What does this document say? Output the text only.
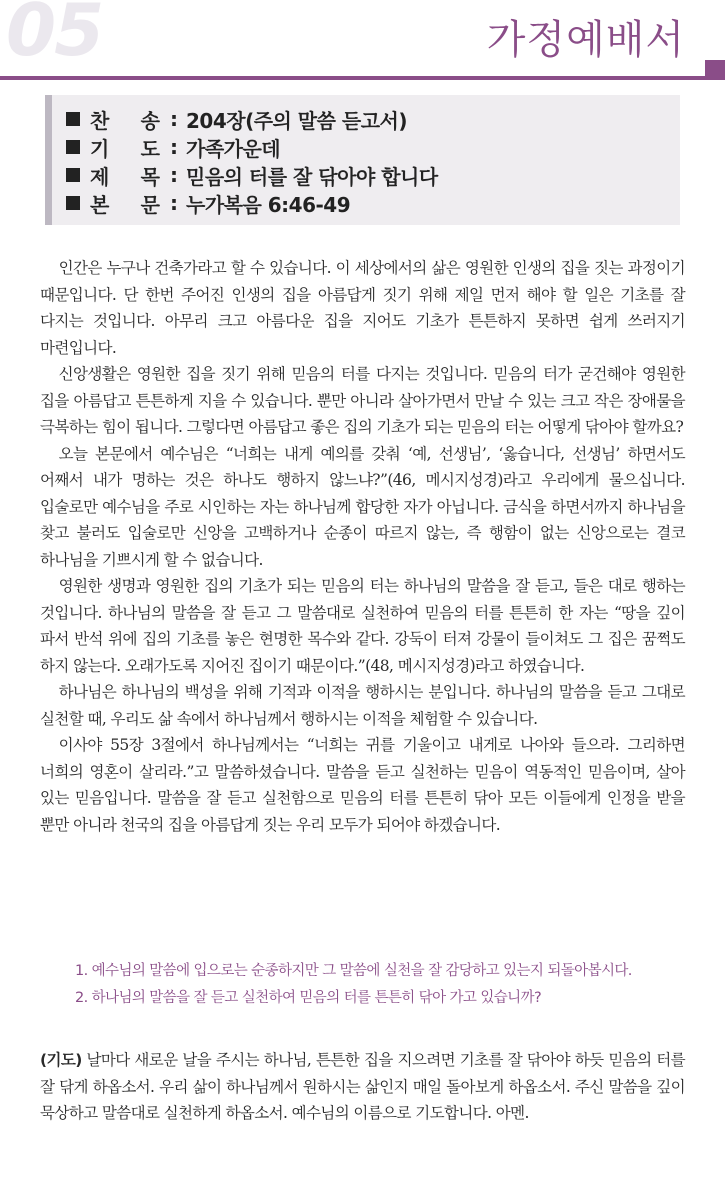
05	가정예배서
찬 송 : 204장(주의 말씀 듣고서)
기 도 : 가족가운데
제 목 : 믿음의 터를 잘 닦아야 합니다
본 문 : 누가복음 6:46-49

인간은 누구나 건축가라고 할 수 있습니다. 이 세상에서의 삶은 영원한 인생의 집을 짓는 과정이기 때문입니다. 단 한번 주어진 인생의 집을 아름답게 짓기 위해 제일 먼저 해야 할 일은 기초를 잘 다지는 것입니다. 아무리 크고 아름다운 집을 지어도 기초가 튼튼하지 못하면 쉽게 쓰러지기 마련입니다.

신앙생활은 영원한 집을 짓기 위해 믿음의 터를 다지는 것입니다. 믿음의 터가 굳건해야 영원한 집을 아름답고 튼튼하게 지을 수 있습니다. 뿐만 아니라 살아가면서 만날 수 있는 크고 작은 장애물을 극복하는 힘이 됩니다. 그렇다면 아름답고 좋은 집의 기초가 되는 믿음의 터는 어떻게 닦아야 할까요?

오늘 본문에서 예수님은 “너희는 내게 예의를 갖춰 ‘예, 선생님’, ‘옳습니다, 선생님’ 하면서도 어째서 내가 명하는 것은 하나도 행하지 않느냐?”(46, 메시지성경)라고 우리에게 물으십니다. 입술로만 예수님을 주로 시인하는 자는 하나님께 합당한 자가 아닙니다. 금식을 하면서까지 하나님을 찾고 불러도 입술로만 신앙을 고백하거나 순종이 따르지 않는, 즉 행함이 없는 신앙으로는 결코 하나님을 기쁘시게 할 수 없습니다.

영원한 생명과 영원한 집의 기초가 되는 믿음의 터는 하나님의 말씀을 잘 듣고, 들은 대로 행하는 것입니다. 하나님의 말씀을 잘 듣고 그 말씀대로 실천하여 믿음의 터를 튼튼히 한 자는 “땅을 깊이 파서 반석 위에 집의 기초를 놓은 현명한 목수와 같다. 강둑이 터져 강물이 들이쳐도 그 집은 꿈쩍도 하지 않는다. 오래가도록 지어진 집이기 때문이다.”(48, 메시지성경)라고 하였습니다.

하나님은 하나님의 백성을 위해 기적과 이적을 행하시는 분입니다. 하나님의 말씀을 듣고 그대로 실천할 때, 우리도 삶 속에서 하나님께서 행하시는 이적을 체험할 수 있습니다.

이사야 55장 3절에서 하나님께서는 “너희는 귀를 기울이고 내게로 나아와 들으라. 그리하면 너희의 영혼이 살리라.”고 말씀하셨습니다. 말씀을 듣고 실천하는 믿음이 역동적인 믿음이며, 살아 있는 믿음입니다. 말씀을 잘 듣고 실천함으로 믿음의 터를 튼튼히 닦아 모든 이들에게 인정을 받을 뿐만 아니라 천국의 집을 아름답게 짓는 우리 모두가 되어야 하겠습니다.

1. 예수님의 말씀에 입으로는 순종하지만 그 말씀에 실천을 잘 감당하고 있는지 되돌아봅시다.
2. 하나님의 말씀을 잘 듣고 실천하여 믿음의 터를 튼튼히 닦아 가고 있습니까?
(기도) 날마다 새로운 날을 주시는 하나님, 튼튼한 집을 지으려면 기초를 잘 닦아야 하듯 믿음의 터를 잘 닦게 하옵소서. 우리 삶이 하나님께서 원하시는 삶인지 매일 돌아보게 하옵소서. 주신 말씀을 깊이 묵상하고 말씀대로 실천하게 하옵소서. 예수님의 이름으로 기도합니다. 아멘.
